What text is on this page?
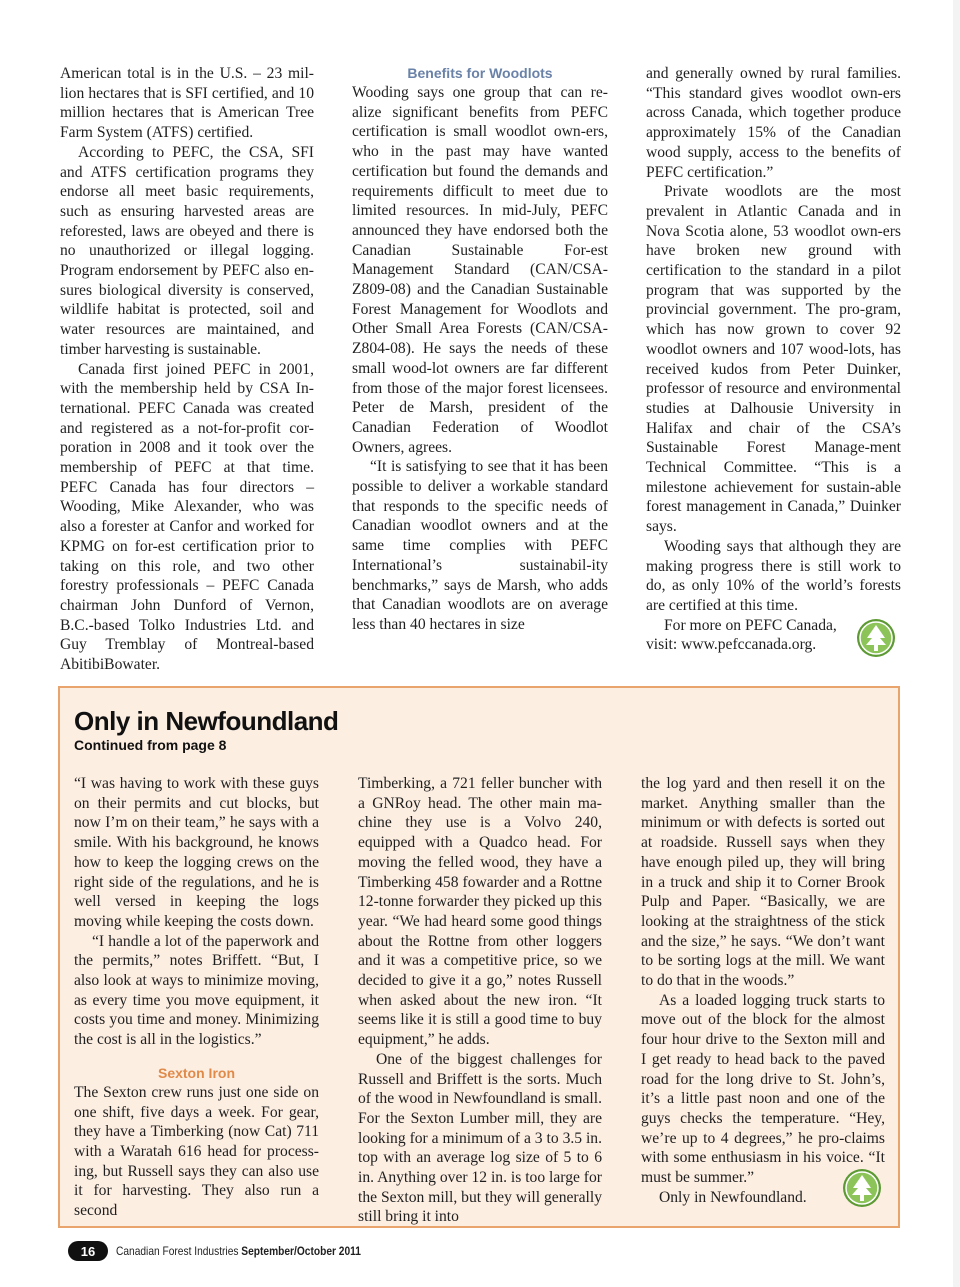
American total is in the U.S. – 23 mil-lion hectares that is SFI certified, and 10 million hectares that is American Tree Farm System (ATFS) certified.

According to PEFC, the CSA, SFI and ATFS certification programs they endorse all meet basic requirements, such as ensuring harvested areas are reforested, laws are obeyed and there is no unauthorized or illegal logging. Program endorsement by PEFC also en-sures biological diversity is conserved, wildlife habitat is protected, soil and water resources are maintained, and timber harvesting is sustainable.

Canada first joined PEFC in 2001, with the membership held by CSA In-ternational. PEFC Canada was created and registered as a not-for-profit cor-poration in 2008 and it took over the membership of PEFC at that time. PEFC Canada has four directors – Wooding, Mike Alexander, who was also a forester at Canfor and worked for KPMG on for-est certification prior to taking on this role, and two other forestry professionals – PEFC Canada chairman John Dunford of Vernon, B.C.-based Tolko Industries Ltd. and Guy Tremblay of Montreal-based AbitibiBowater.

Benefits for Woodlots

Wooding says one group that can re-alize significant benefits from PEFC certification is small woodlot own-ers, who in the past may have wanted certification but found the demands and requirements difficult to meet due to limited resources. In mid-July, PEFC announced they have endorsed both the Canadian Sustainable For-est Management Standard (CAN/CSA-Z809-08) and the Canadian Sustainable Forest Management for Woodlots and Other Small Area Forests (CAN/CSA-Z804-08). He says the needs of these small wood-lot owners are far different from those of the major forest licensees. Peter de Marsh, president of the Canadian Federation of Woodlot Owners, agrees.

“It is satisfying to see that it has been possible to deliver a workable standard that responds to the specific needs of Canadian woodlot owners and at the same time complies with PEFC International’s sustainabil-ity benchmarks,” says de Marsh, who adds that Canadian woodlots are on average less than 40 hectares in size

and generally owned by rural families. “This standard gives woodlot own-ers across Canada, which together produce approximately 15% of the Canadian wood supply, access to the benefits of PEFC certification.”

Private woodlots are the most prevalent in Atlantic Canada and in Nova Scotia alone, 53 woodlot own-ers have broken new ground with certification to the standard in a pilot program that was supported by the provincial government. The pro-gram, which has now grown to cover 92 woodlot owners and 107 wood-lots, has received kudos from Peter Duinker, professor of resource and environmental studies at Dalhousie University in Halifax and chair of the CSA’s Sustainable Forest Manage-ment Technical Committee. “This is a milestone achievement for sustain-able forest management in Canada,” Duinker says.

Wooding says that although they are making progress there is still work to do, as only 10% of the world’s forests are certified at this time.

For more on PEFC Canada, visit: www.pefccanada.org.

Only in Newfoundland
Continued from page 8

“I was having to work with these guys on their permits and cut blocks, but now I’m on their team,” he says with a smile. With his background, he knows how to keep the logging crews on the right side of the regulations, and he is well versed in keeping the logs moving while keeping the costs down.

“I handle a lot of the paperwork and the permits,” notes Briffett. “But, I also look at ways to minimize moving, as every time you move equipment, it costs you time and money. Minimizing the cost is all in the logistics.”

Sexton Iron

The Sexton crew runs just one side on one shift, five days a week. For gear, they have a Timberking (now Cat) 711 with a Waratah 616 head for process-ing, but Russell says they can also use it for harvesting. They also run a second

Timberking, a 721 feller buncher with a GNRoy head. The other main ma-chine they use is a Volvo 240, equipped with a Quadco head. For moving the felled wood, they have a Timberking 458 fowarder and a Rottne 12-tonne forwarder they picked up this year. “We had heard some good things about the Rottne from other loggers and it was a competitive price, so we decided to give it a go,” notes Russell when asked about the new iron. “It seems like it is still a good time to buy equipment,” he adds.

One of the biggest challenges for Russell and Briffett is the sorts. Much of the wood in Newfoundland is small. For the Sexton Lumber mill, they are looking for a minimum of a 3 to 3.5 in. top with an average log size of 5 to 6 in. Anything over 12 in. is too large for the Sexton mill, but they will generally still bring it into

the log yard and then resell it on the market. Anything smaller than the minimum or with defects is sorted out at roadside. Russell says when they have enough piled up, they will bring in a truck and ship it to Corner Brook Pulp and Paper. “Basically, we are looking at the straightness of the stick and the size,” he says. “We don’t want to be sorting logs at the mill. We want to do that in the woods.”

As a loaded logging truck starts to move out of the block for the almost four hour drive to the Sexton mill and I get ready to head back to the paved road for the long drive to St. John’s, it’s a little past noon and one of the guys checks the temperature. “Hey, we’re up to 4 degrees,” he pro-claims with some enthusiasm in his voice. “It must be summer.”

Only in Newfoundland.

16	Canadian Forest Industries September/October 2011
